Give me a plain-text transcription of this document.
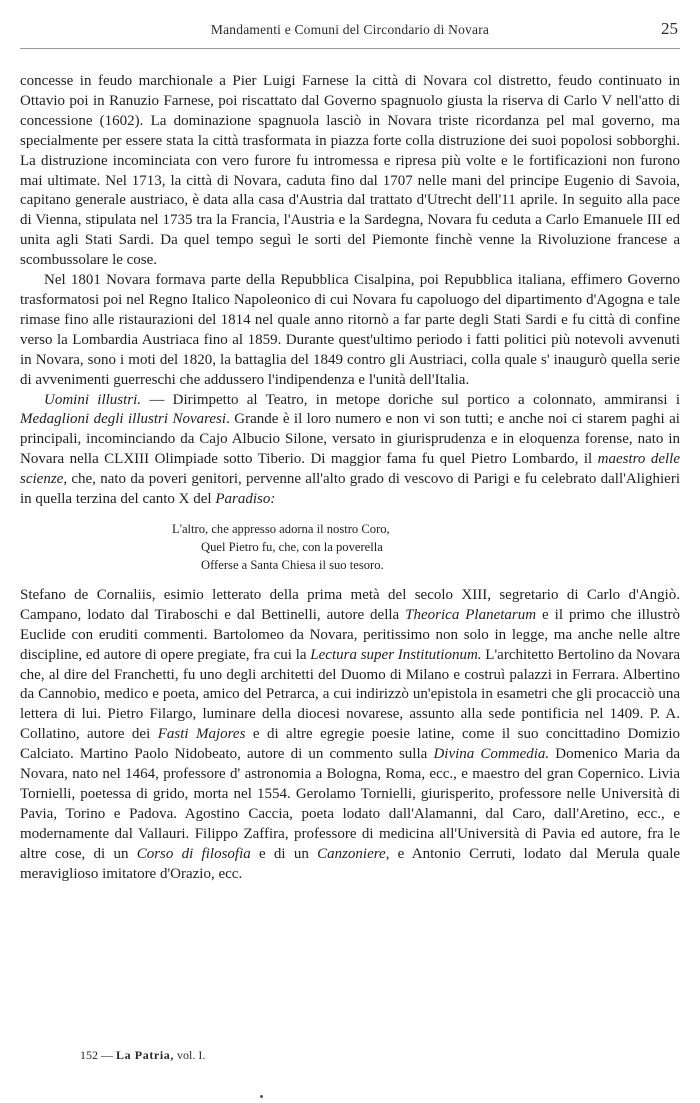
Mandamenti e Comuni del Circondario di Novara	25

concesse in feudo marchionale a Pier Luigi Farnese la città di Novara col distretto, feudo continuato in Ottavio poi in Ranuzio Farnese, poi riscattato dal Governo spagnuolo giusta la riserva di Carlo V nell'atto di concessione (1602). La dominazione spagnuola lasciò in Novara triste ricordanza pel mal governo, ma specialmente per essere stata la città trasformata in piazza forte colla distruzione dei suoi popolosi sobborghi. La distruzione incominciata con vero furore fu intromessa e ripresa più volte e le fortificazioni non furono mai ultimate. Nel 1713, la città di Novara, caduta fino dal 1707 nelle mani del principe Eugenio di Savoia, capitano generale austriaco, è data alla casa d'Austria dal trattato d'Utrecht dell'11 aprile. In seguito alla pace di Vienna, stipulata nel 1735 tra la Francia, l'Austria e la Sardegna, Novara fu ceduta a Carlo Emanuele III ed unita agli Stati Sardi. Da quel tempo seguì le sorti del Piemonte finchè venne la Rivoluzione francese a scombussolare le cose.

Nel 1801 Novara formava parte della Repubblica Cisalpina, poi Repubblica italiana, effimero Governo trasformatosi poi nel Regno Italico Napoleonico di cui Novara fu capoluogo del dipartimento d'Agogna e tale rimase fino alle ristaurazioni del 1814 nel quale anno ritornò a far parte degli Stati Sardi e fu città di confine verso la Lombardia Austriaca fino al 1859. Durante quest'ultimo periodo i fatti politici più notevoli avvenuti in Novara, sono i moti del 1820, la battaglia del 1849 contro gli Austriaci, colla quale s' inaugurò quella serie di avvenimenti guerreschi che addussero l'indipendenza e l'unità dell'Italia.

Uomini illustri. — Dirimpetto al Teatro, in metope doriche sul portico a colonnato, ammiransi i Medaglioni degli illustri Novaresi. Grande è il loro numero e non vi son tutti; e anche noi ci starem paghi ai principali, incominciando da Cajo Albucio Silone, versato in giurisprudenza e in eloquenza forense, nato in Novara nella CLXIII Olimpiade sotto Tiberio. Di maggior fama fu quel Pietro Lombardo, il maestro delle scienze, che, nato da poveri genitori, pervenne all'alto grado di vescovo di Parigi e fu celebrato dall'Alighieri in quella terzina del canto X del Paradiso:

L'altro, che appresso adorna il nostro Coro,
Quel Pietro fu, che, con la poverella
Offerse a Santa Chiesa il suo tesoro.

Stefano de Cornaliis, esimio letterato della prima metà del secolo XIII, segretario di Carlo d'Angiò. Campano, lodato dal Tiraboschi e dal Bettinelli, autore della Theorica Planetarum e il primo che illustrò Euclide con eruditi commenti. Bartolomeo da Novara, peritissimo non solo in legge, ma anche nelle altre discipline, ed autore di opere pregiate, fra cui la Lectura super Institutionum. L'architetto Bertolino da Novara che, al dire del Franchetti, fu uno degli architetti del Duomo di Milano e costruì palazzi in Ferrara. Albertino da Cannobio, medico e poeta, amico del Petrarca, a cui indirizzò un'epistola in esametri che gli procacciò una lettera di lui. Pietro Filargo, luminare della diocesi novarese, assunto alla sede pontificia nel 1409. P. A. Collatino, autore dei Fasti Majores e di altre egregie poesie latine, come il suo concittadino Domizio Calciato. Martino Paolo Nidobeato, autore di un commento sulla Divina Commedia. Domenico Maria da Novara, nato nel 1464, professore d' astronomia a Bologna, Roma, ecc., e maestro del gran Copernico. Livia Tornielli, poetessa di grido, morta nel 1554. Gerolamo Tornielli, giurisperito, professore nelle Università di Pavia, Torino e Padova. Agostino Caccia, poeta lodato dall'Alamanni, dal Caro, dall'Aretino, ecc., e modernamente dal Vallauri. Filippo Zaffira, professore di medicina all'Università di Pavia ed autore, fra le altre cose, di un Corso di filosofia e di un Canzoniere, e Antonio Cerruti, lodato dal Merula quale meraviglioso imitatore d'Orazio, ecc.

152 — La Patria, vol. I.
